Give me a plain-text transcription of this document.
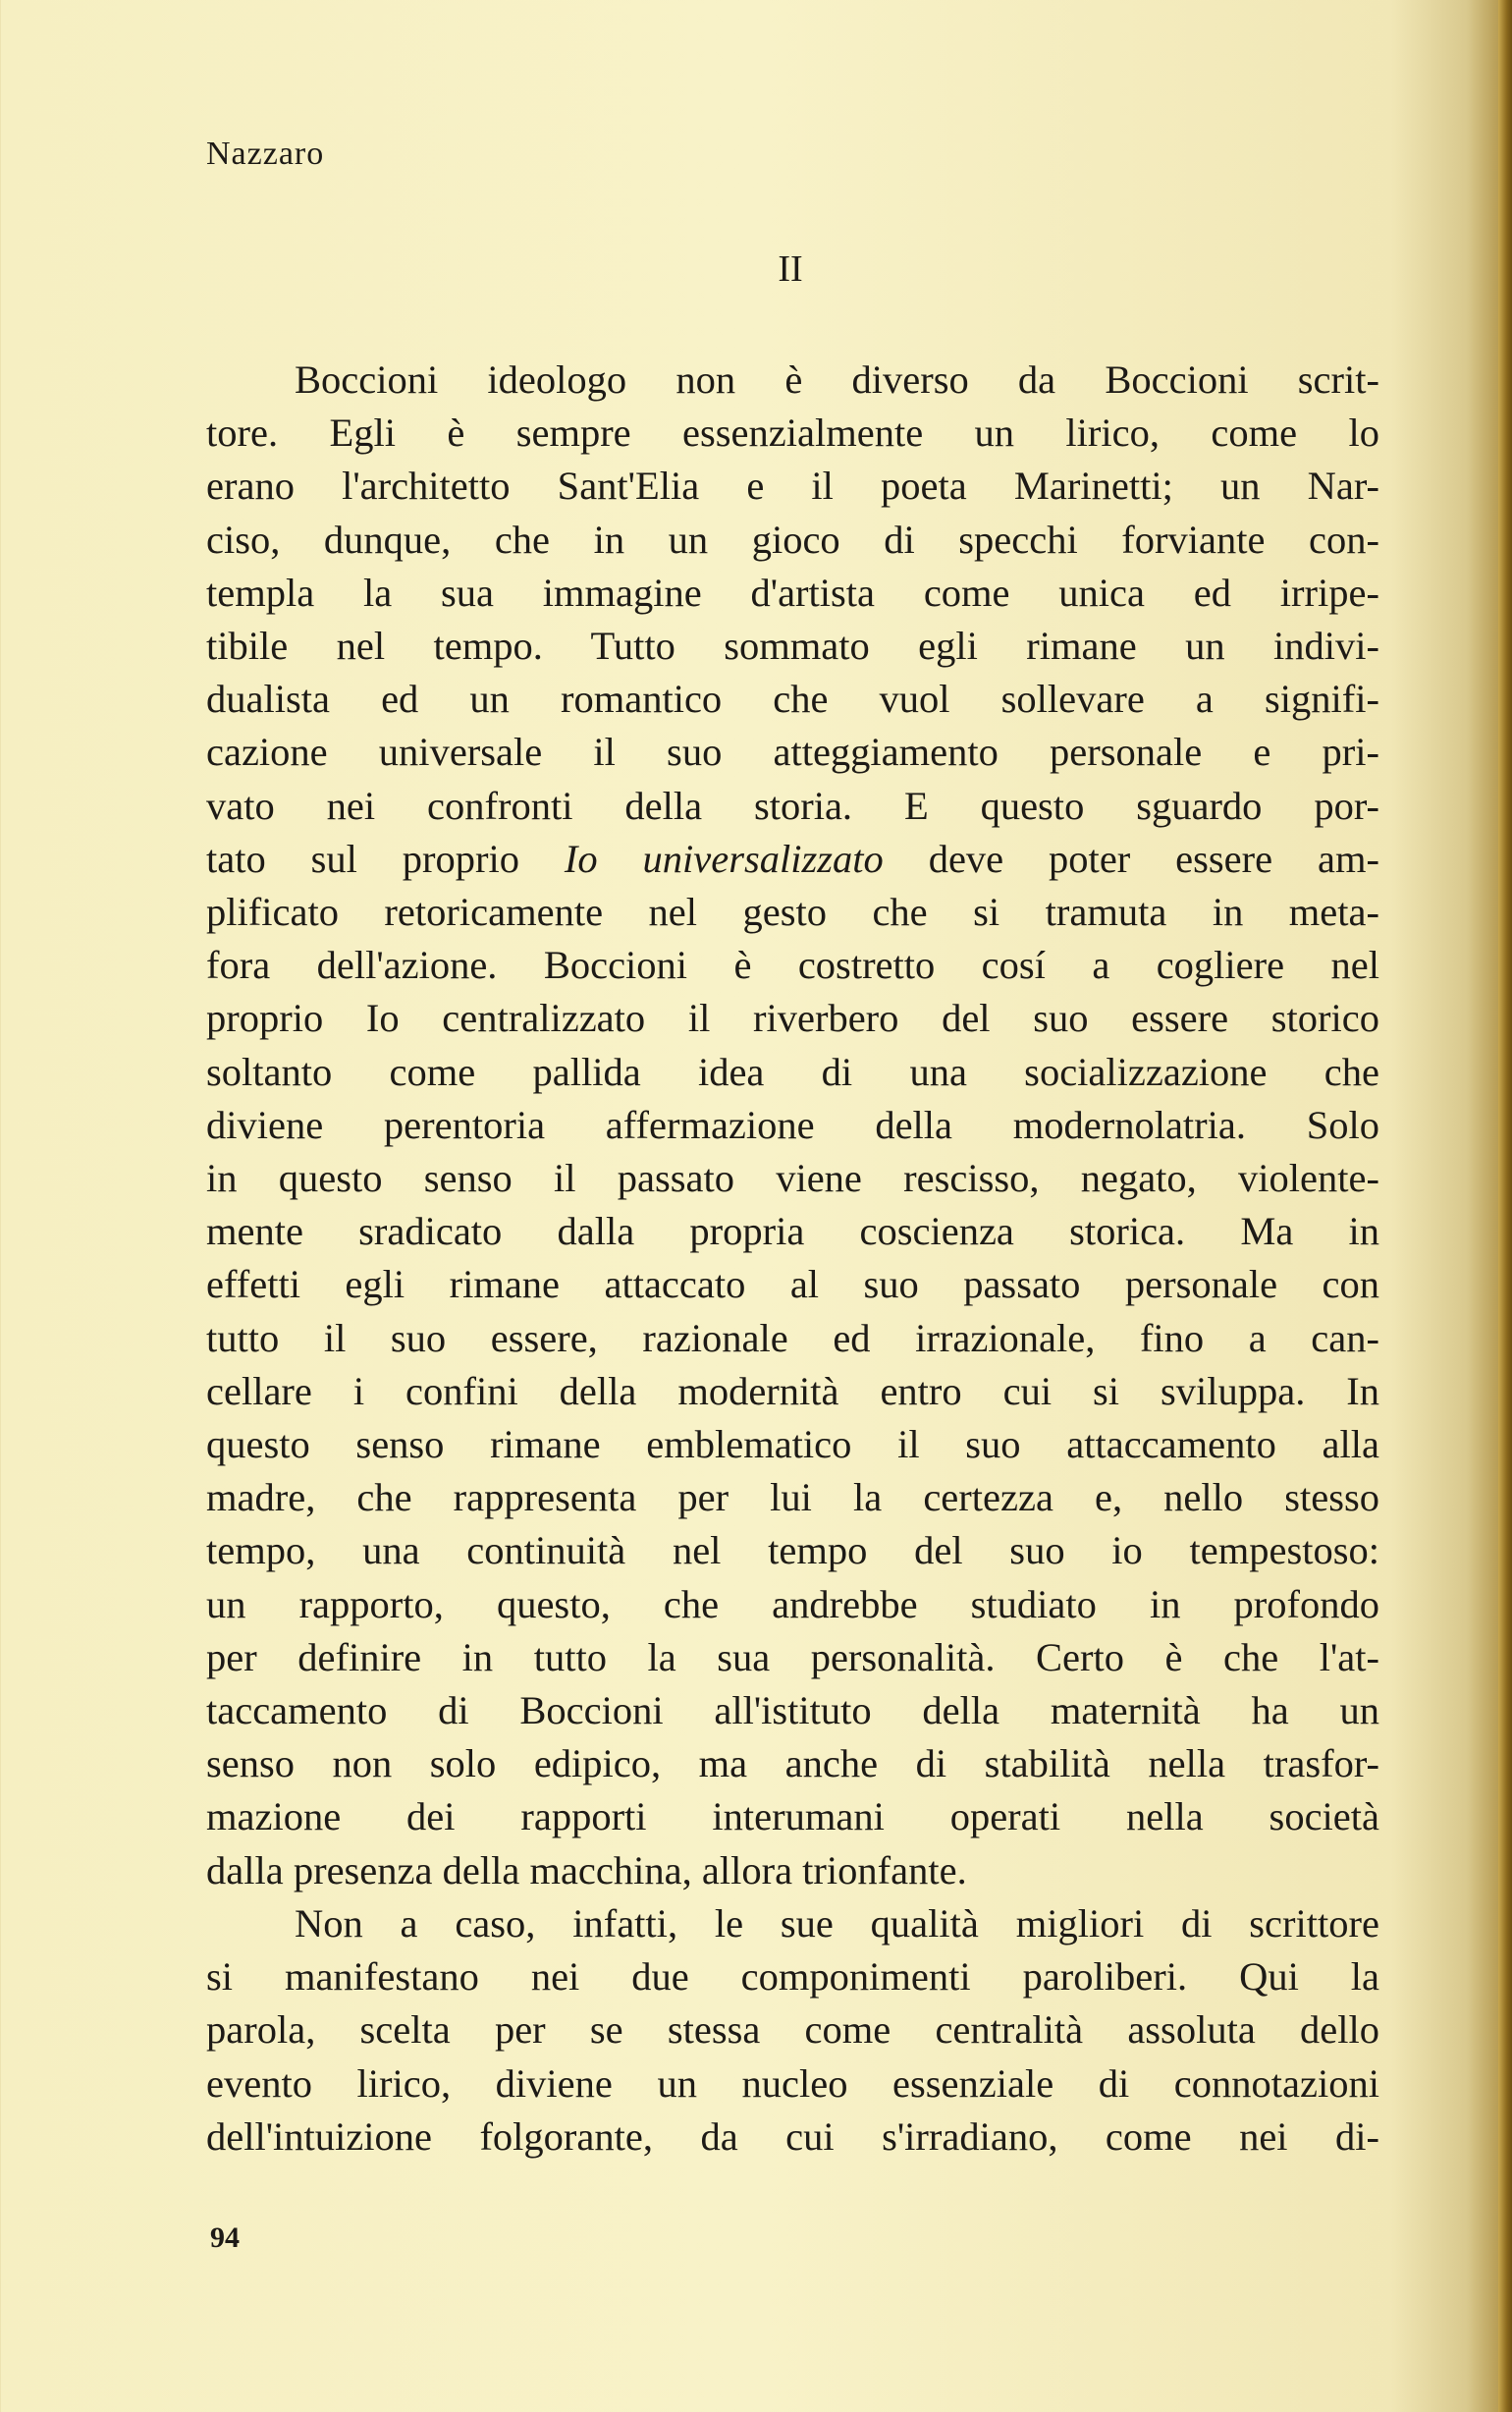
Nazzaro

II

Boccioni ideologo non è diverso da Boccioni scrit-
tore. Egli è sempre essenzialmente un lirico, come lo
erano l'architetto Sant'Elia e il poeta Marinetti; un Nar-
ciso, dunque, che in un gioco di specchi forviante con-
templa la sua immagine d'artista come unica ed irripe-
tibile nel tempo. Tutto sommato egli rimane un indivi-
dualista ed un romantico che vuol sollevare a signifi-
cazione universale il suo atteggiamento personale e pri-
vato nei confronti della storia. E questo sguardo por-
tato sul proprio Io universalizzato deve poter essere am-
plificato retoricamente nel gesto che si tramuta in meta-
fora dell'azione. Boccioni è costretto cosí a cogliere nel
proprio Io centralizzato il riverbero del suo essere storico
soltanto come pallida idea di una socializzazione che
diviene perentoria affermazione della modernolatria. Solo
in questo senso il passato viene rescisso, negato, violente-
mente sradicato dalla propria coscienza storica. Ma in
effetti egli rimane attaccato al suo passato personale con
tutto il suo essere, razionale ed irrazionale, fino a can-
cellare i confini della modernità entro cui si sviluppa. In
questo senso rimane emblematico il suo attaccamento alla
madre, che rappresenta per lui la certezza e, nello stesso
tempo, una continuità nel tempo del suo io tempestoso:
un rapporto, questo, che andrebbe studiato in profondo
per definire in tutto la sua personalità. Certo è che l'at-
taccamento di Boccioni all'istituto della maternità ha un
senso non solo edipico, ma anche di stabilità nella trasfor-
mazione dei rapporti interumani operati nella società
dalla presenza della macchina, allora trionfante.
Non a caso, infatti, le sue qualità migliori di scrittore
si manifestano nei due componimenti paroliberi. Qui la
parola, scelta per se stessa come centralità assoluta dello
evento lirico, diviene un nucleo essenziale di connotazioni
dell'intuizione folgorante, da cui s'irradiano, come nei di-

94
